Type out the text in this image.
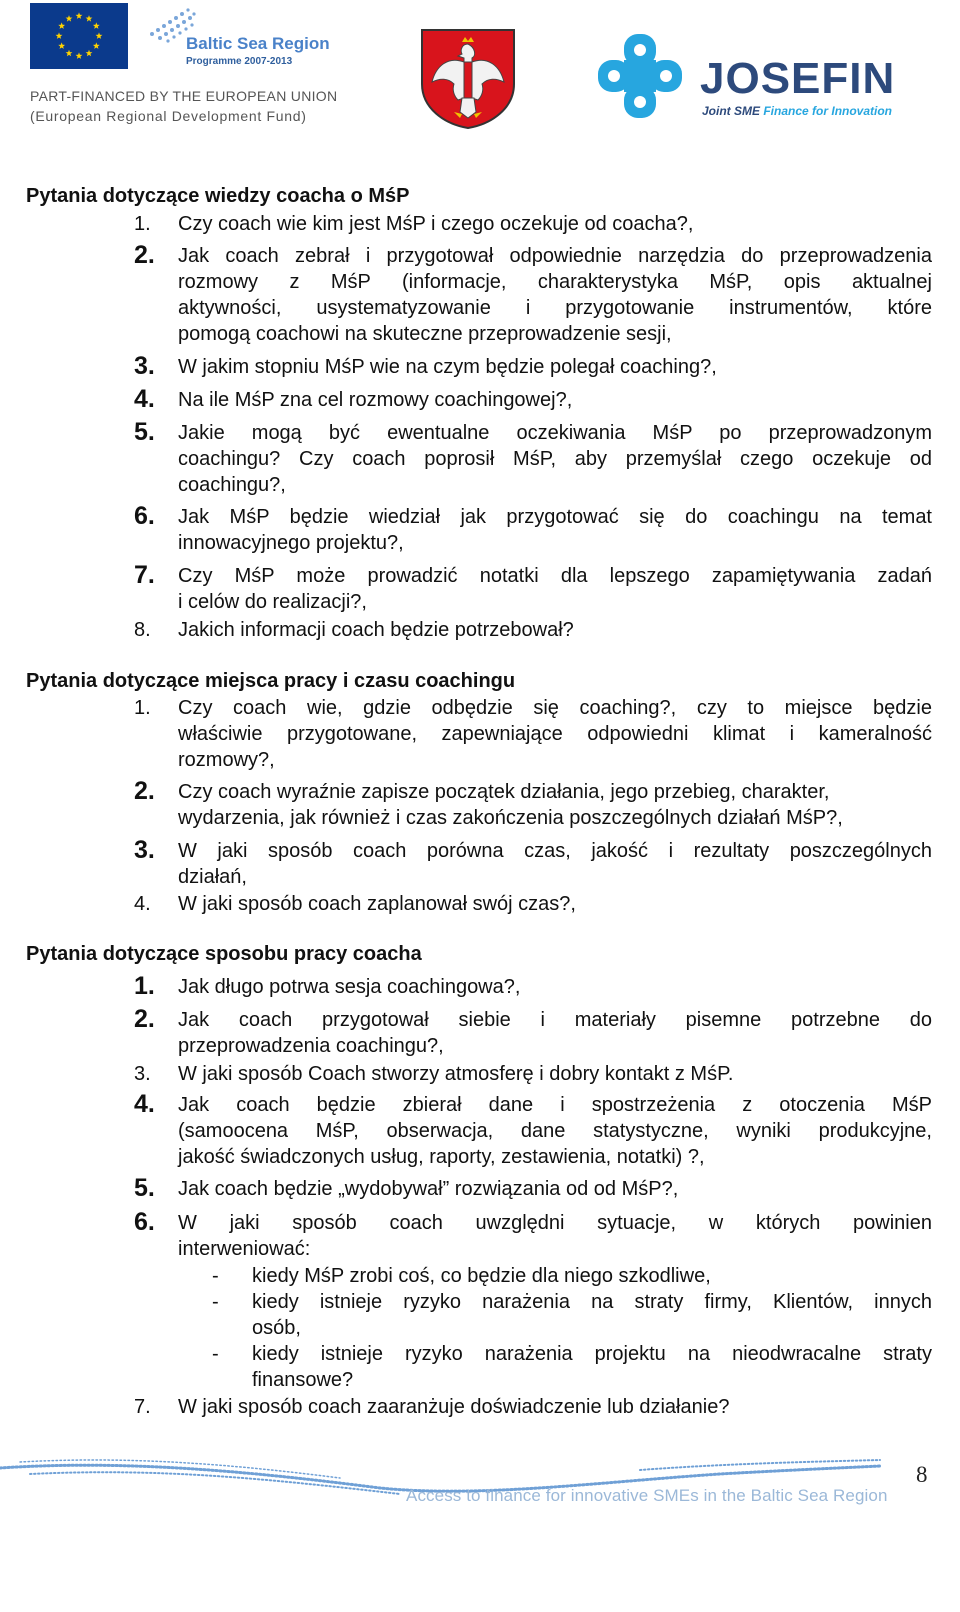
Baltic Sea Region
Programme 2007-2013
PART-FINANCED BY THE EUROPEAN UNION
(European Regional Development Fund)
JOSEFIN
Joint SME Finance for Innovation
Pytania dotyczące wiedzy coacha o MśP
1. Czy coach wie kim jest MśP i czego oczekuje od coacha?,
2. Jak coach zebrał i przygotował odpowiednie narzędzia do przeprowadzenia
rozmowy z MśP (informacje, charakterystyka MśP, opis aktualnej
aktywności, usystematyzowanie i przygotowanie instrumentów, które
pomogą coachowi na skuteczne przeprowadzenie sesji,
3. W jakim stopniu MśP wie na czym będzie polegał coaching?,
4. Na ile MśP zna cel rozmowy coachingowej?,
5. Jakie mogą być ewentualne oczekiwania MśP po przeprowadzonym
coachingu? Czy coach poprosił MśP, aby przemyślał czego oczekuje od
coachingu?,
6. Jak MśP będzie wiedział jak przygotować się do coachingu na temat
innowacyjnego projektu?,
7. Czy MśP może prowadzić notatki dla lepszego zapamiętywania zadań
i celów do realizacji?,
8. Jakich informacji coach będzie potrzebował?
Pytania dotyczące miejsca pracy i czasu coachingu
1. Czy coach wie, gdzie odbędzie się coaching?, czy to miejsce będzie
właściwie przygotowane, zapewniające odpowiedni klimat i kameralność
rozmowy?,
2. Czy coach wyraźnie zapisze początek działania, jego przebieg, charakter,
wydarzenia, jak również i czas zakończenia poszczególnych działań MśP?,
3. W jaki sposób coach porówna czas, jakość i rezultaty poszczególnych
działań,
4. W jaki sposób coach zaplanował swój czas?,
Pytania dotyczące sposobu pracy coacha
1. Jak długo potrwa sesja coachingowa?,
2. Jak coach przygotował siebie i materiały pisemne potrzebne do
przeprowadzenia coachingu?,
3. W jaki sposób Coach stworzy atmosferę i dobry kontakt z MśP.
4. Jak coach będzie zbierał dane i spostrzeżenia z otoczenia MśP
(samoocena MśP, obserwacja, dane statystyczne, wyniki produkcyjne,
jakość świadczonych usług, raporty, zestawienia, notatki) ?,
5. Jak coach będzie „wydobywał” rozwiązania od od MśP?,
6. W jaki sposób coach uwzględni sytuacje, w których powinien
interweniować:
- kiedy MśP zrobi coś, co będzie dla niego szkodliwe,
- kiedy istnieje ryzyko narażenia na straty firmy, Klientów, innych
osób,
- kiedy istnieje ryzyko narażenia projektu na nieodwracalne straty
finansowe?
7. W jaki sposób coach zaaranżuje doświadczenie lub działanie?
Access to finance for innovative SMEs in the Baltic Sea Region
8
